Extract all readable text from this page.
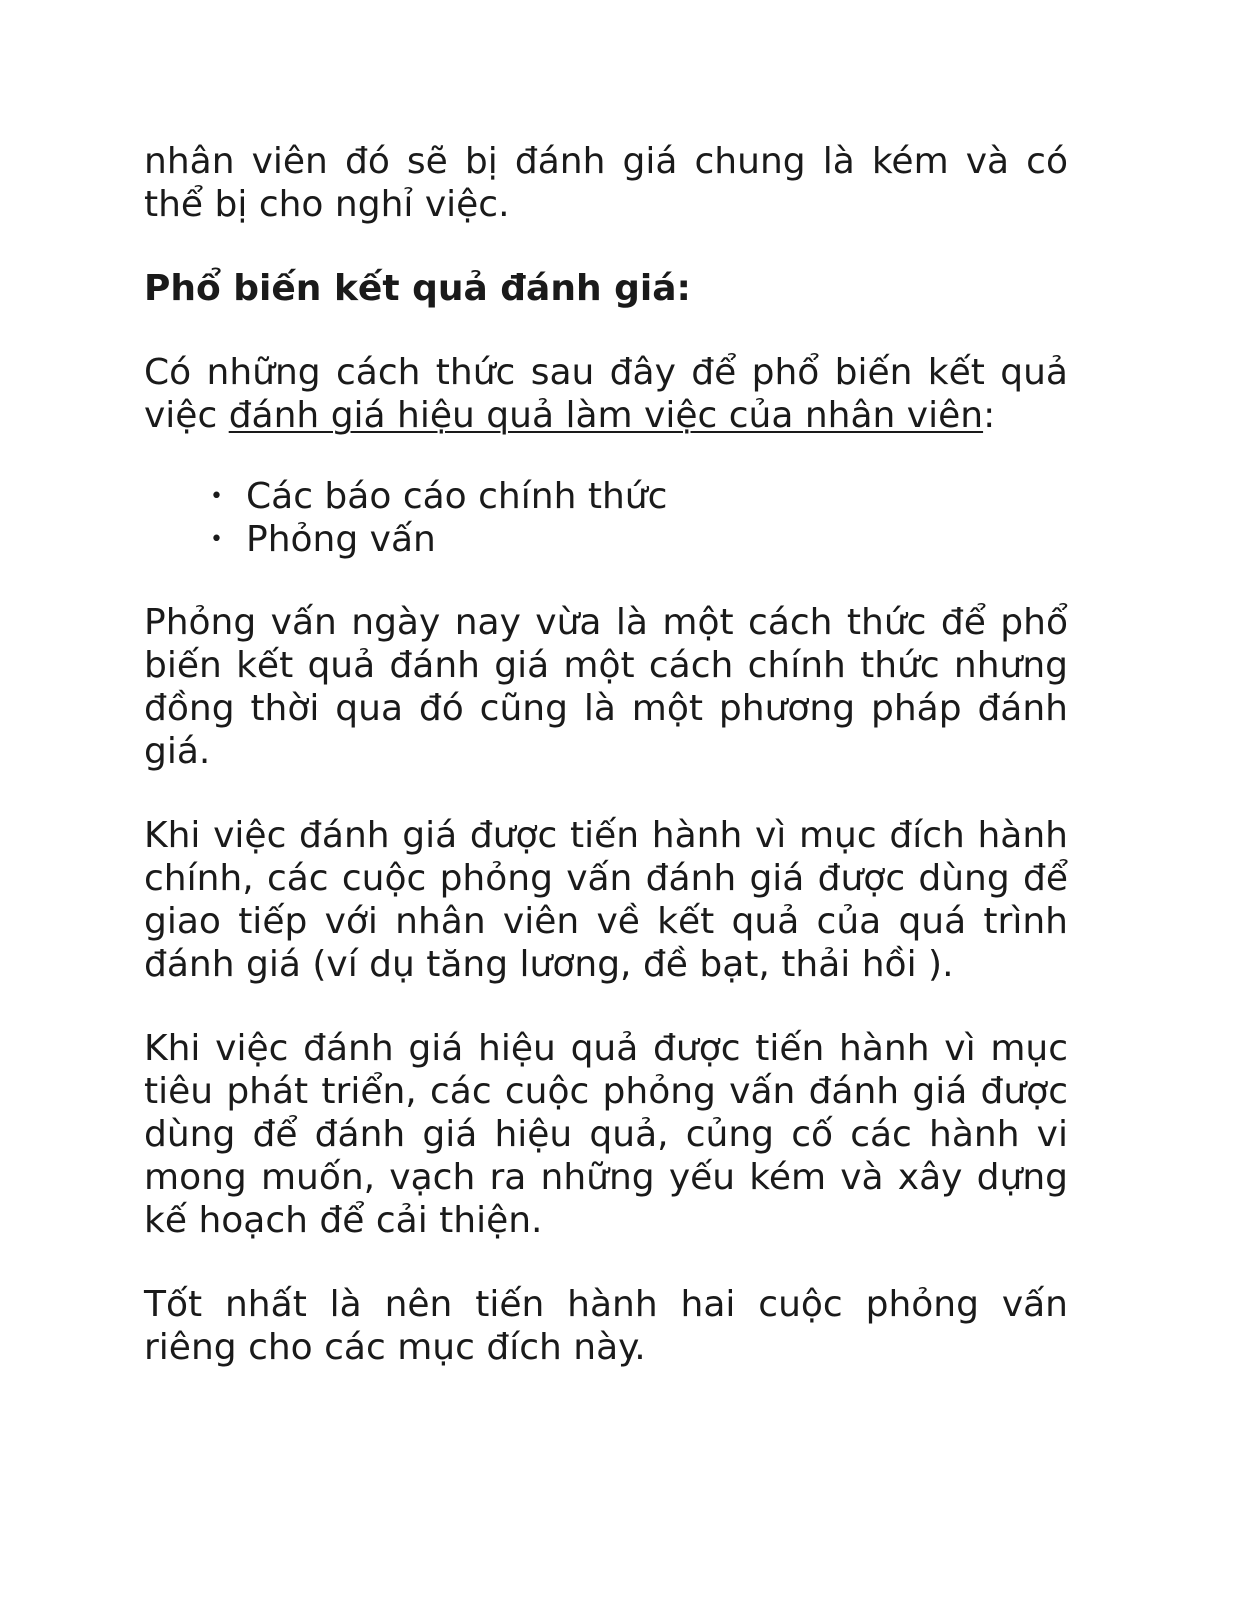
nhân viên đó sẽ bị đánh giá chung là kém và có thể bị cho nghỉ việc.

Phổ biến kết quả đánh giá:

Có những cách thức sau đây để phổ biến kết quả việc đánh giá hiệu quả làm việc của nhân viên:

• Các báo cáo chính thức
• Phỏng vấn

Phỏng vấn ngày nay vừa là một cách thức để phổ biến kết quả đánh giá một cách chính thức nhưng đồng thời qua đó cũng là một phương pháp đánh giá.

Khi việc đánh giá được tiến hành vì mục đích hành chính, các cuộc phỏng vấn đánh giá được dùng để giao tiếp với nhân viên về kết quả của quá trình đánh giá (ví dụ tăng lương, đề bạt, thải hồi ).

Khi việc đánh giá hiệu quả được tiến hành vì mục tiêu phát triển, các cuộc phỏng vấn đánh giá được dùng để đánh giá hiệu quả, củng cố các hành vi mong muốn, vạch ra những yếu kém và xây dựng kế hoạch để cải thiện.

Tốt nhất là nên tiến hành hai cuộc phỏng vấn riêng cho các mục đích này.
